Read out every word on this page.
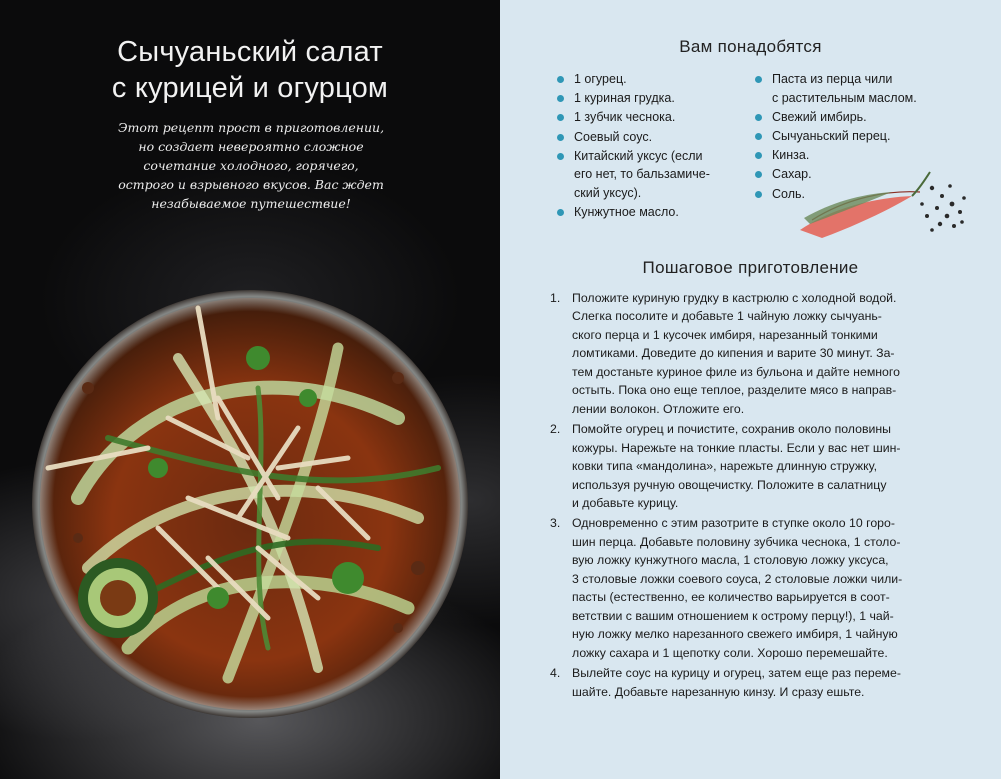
Сычуаньский салат
с курицей и огурцом
Этот рецепт прост в приготовлении,
но создает невероятно сложное
сочетание холодного, горячего,
острого и взрывного вкусов. Вас ждет
незабываемое путешествие!
Вам понадобятся
1 огурец.
1 куриная грудка.
1 зубчик чеснока.
Соевый соус.
Китайский уксус (если
его нет, то бальзамиче-
ский уксус).
Кунжутное масло.
Паста из перца чили
с растительным маслом.
Свежий имбирь.
Сычуаньский перец.
Кинза.
Сахар.
Соль.
Пошаговое приготовление
1. Положите куриную грудку в кастрюлю с холодной водой.
Слегка посолите и добавьте 1 чайную ложку сычуань-
ского перца и 1 кусочек имбиря, нарезанный тонкими
ломтиками. Доведите до кипения и варите 30 минут. За-
тем достаньте куриное филе из бульона и дайте немного
остыть. Пока оно еще теплое, разделите мясо в направ-
лении волокон. Отложите его.
2. Помойте огурец и почистите, сохранив около половины
кожуры. Нарежьте на тонкие пласты. Если у вас нет шин-
ковки типа «мандолина», нарежьте длинную стружку,
используя ручную овощечистку. Положите в салатницу
и добавьте курицу.
3. Одновременно с этим разотрите в ступке около 10 горо-
шин перца. Добавьте половину зубчика чеснока, 1 столо-
вую ложку кунжутного масла, 1 столовую ложку уксуса,
3 столовые ложки соевого соуса, 2 столовые ложки чили-
пасты (естественно, ее количество варьируется в соот-
ветствии с вашим отношением к острому перцу!), 1 чай-
ную ложку мелко нарезанного свежего имбиря, 1 чайную
ложку сахара и 1 щепотку соли. Хорошо перемешайте.
4. Вылейте соус на курицу и огурец, затем еще раз переме-
шайте. Добавьте нарезанную кинзу. И сразу ешьте.
